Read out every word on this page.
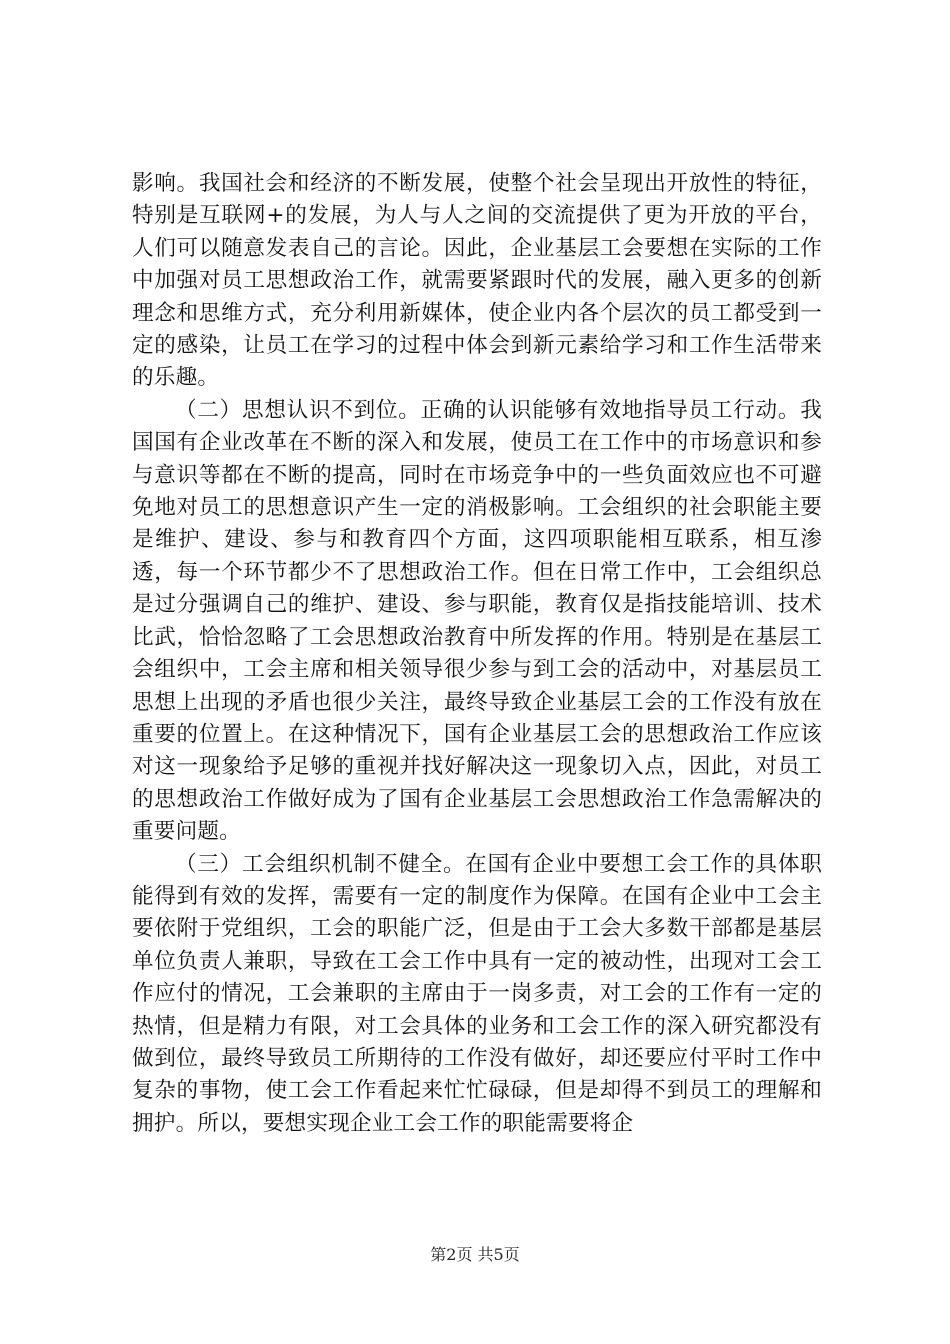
影响。我国社会和经济的不断发展，使整个社会呈现出开放性的特征，特别是互联网+的发展，为人与人之间的交流提供了更为开放的平台，人们可以随意发表自己的言论。因此，企业基层工会要想在实际的工作中加强对员工思想政治工作，就需要紧跟时代的发展，融入更多的创新理念和思维方式，充分利用新媒体，使企业内各个层次的员工都受到一定的感染，让员工在学习的过程中体会到新元素给学习和工作生活带来的乐趣。

（二）思想认识不到位。正确的认识能够有效地指导员工行动。我国国有企业改革在不断的深入和发展，使员工在工作中的市场意识和参与意识等都在不断的提高，同时在市场竞争中的一些负面效应也不可避免地对员工的思想意识产生一定的消极影响。工会组织的社会职能主要是维护、建设、参与和教育四个方面，这四项职能相互联系，相互渗透，每一个环节都少不了思想政治工作。但在日常工作中，工会组织总是过分强调自己的维护、建设、参与职能，教育仅是指技能培训、技术比武，恰恰忽略了工会思想政治教育中所发挥的作用。特别是在基层工会组织中，工会主席和相关领导很少参与到工会的活动中，对基层员工思想上出现的矛盾也很少关注，最终导致企业基层工会的工作没有放在重要的位置上。在这种情况下，国有企业基层工会的思想政治工作应该对这一现象给予足够的重视并找好解决这一现象切入点，因此，对员工的思想政治工作做好成为了国有企业基层工会思想政治工作急需解决的重要问题。

（三）工会组织机制不健全。在国有企业中要想工会工作的具体职能得到有效的发挥，需要有一定的制度作为保障。在国有企业中工会主要依附于党组织，工会的职能广泛，但是由于工会大多数干部都是基层单位负责人兼职，导致在工会工作中具有一定的被动性，出现对工会工作应付的情况，工会兼职的主席由于一岗多责，对工会的工作有一定的热情，但是精力有限，对工会具体的业务和工会工作的深入研究都没有做到位，最终导致员工所期待的工作没有做好，却还要应付平时工作中复杂的事物，使工会工作看起来忙忙碌碌，但是却得不到员工的理解和拥护。所以，要想实现企业工会工作的职能需要将企

第2页 共5页
